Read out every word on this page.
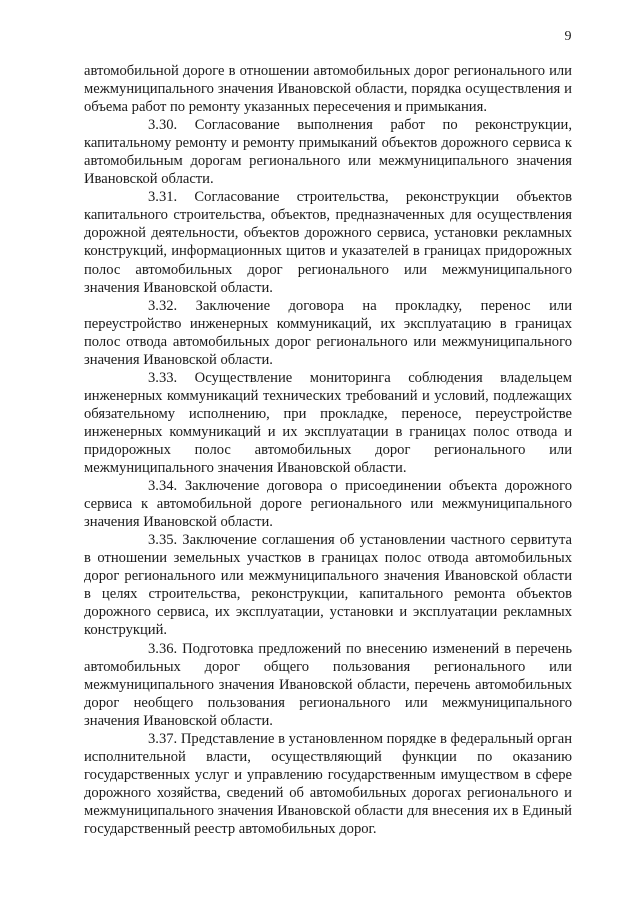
9

автомобильной дороге в отношении автомобильных дорог регионального или межмуниципального значения Ивановской области, порядка осуществления и объема работ по ремонту указанных пересечения и примыкания.

3.30. Согласование выполнения работ по реконструкции, капитальному ремонту и ремонту примыканий объектов дорожного сервиса к автомобильным дорогам регионального или межмуниципального значения Ивановской области.

3.31. Согласование строительства, реконструкции объектов капитального строительства, объектов, предназначенных для осуществления дорожной деятельности, объектов дорожного сервиса, установки рекламных конструкций, информационных щитов и указателей в границах придорожных полос автомобильных дорог регионального или межмуниципального значения Ивановской области.

3.32. Заключение договора на прокладку, перенос или переустройство инженерных коммуникаций, их эксплуатацию в границах полос отвода автомобильных дорог регионального или межмуниципального значения Ивановской области.

3.33. Осуществление мониторинга соблюдения владельцем инженерных коммуникаций технических требований и условий, подлежащих обязательному исполнению, при прокладке, переносе, переустройстве инженерных коммуникаций и их эксплуатации в границах полос отвода и придорожных полос автомобильных дорог регионального или межмуниципального значения Ивановской области.

3.34. Заключение договора о присоединении объекта дорожного сервиса к автомобильной дороге регионального или межмуниципального значения Ивановской области.

3.35. Заключение соглашения об установлении частного сервитута в отношении земельных участков в границах полос отвода автомобильных дорог регионального или межмуниципального значения Ивановской области в целях строительства, реконструкции, капитального ремонта объектов дорожного сервиса, их эксплуатации, установки и эксплуатации рекламных конструкций.

3.36. Подготовка предложений по внесению изменений в перечень автомобильных дорог общего пользования регионального или межмуниципального значения Ивановской области, перечень автомобильных дорог необщего пользования регионального или межмуниципального значения Ивановской области.

3.37. Представление в установленном порядке в федеральный орган исполнительной власти, осуществляющий функции по оказанию государственных услуг и управлению государственным имуществом в сфере дорожного хозяйства, сведений об автомобильных дорогах регионального и межмуниципального значения Ивановской области для внесения их в Единый государственный реестр автомобильных дорог.
